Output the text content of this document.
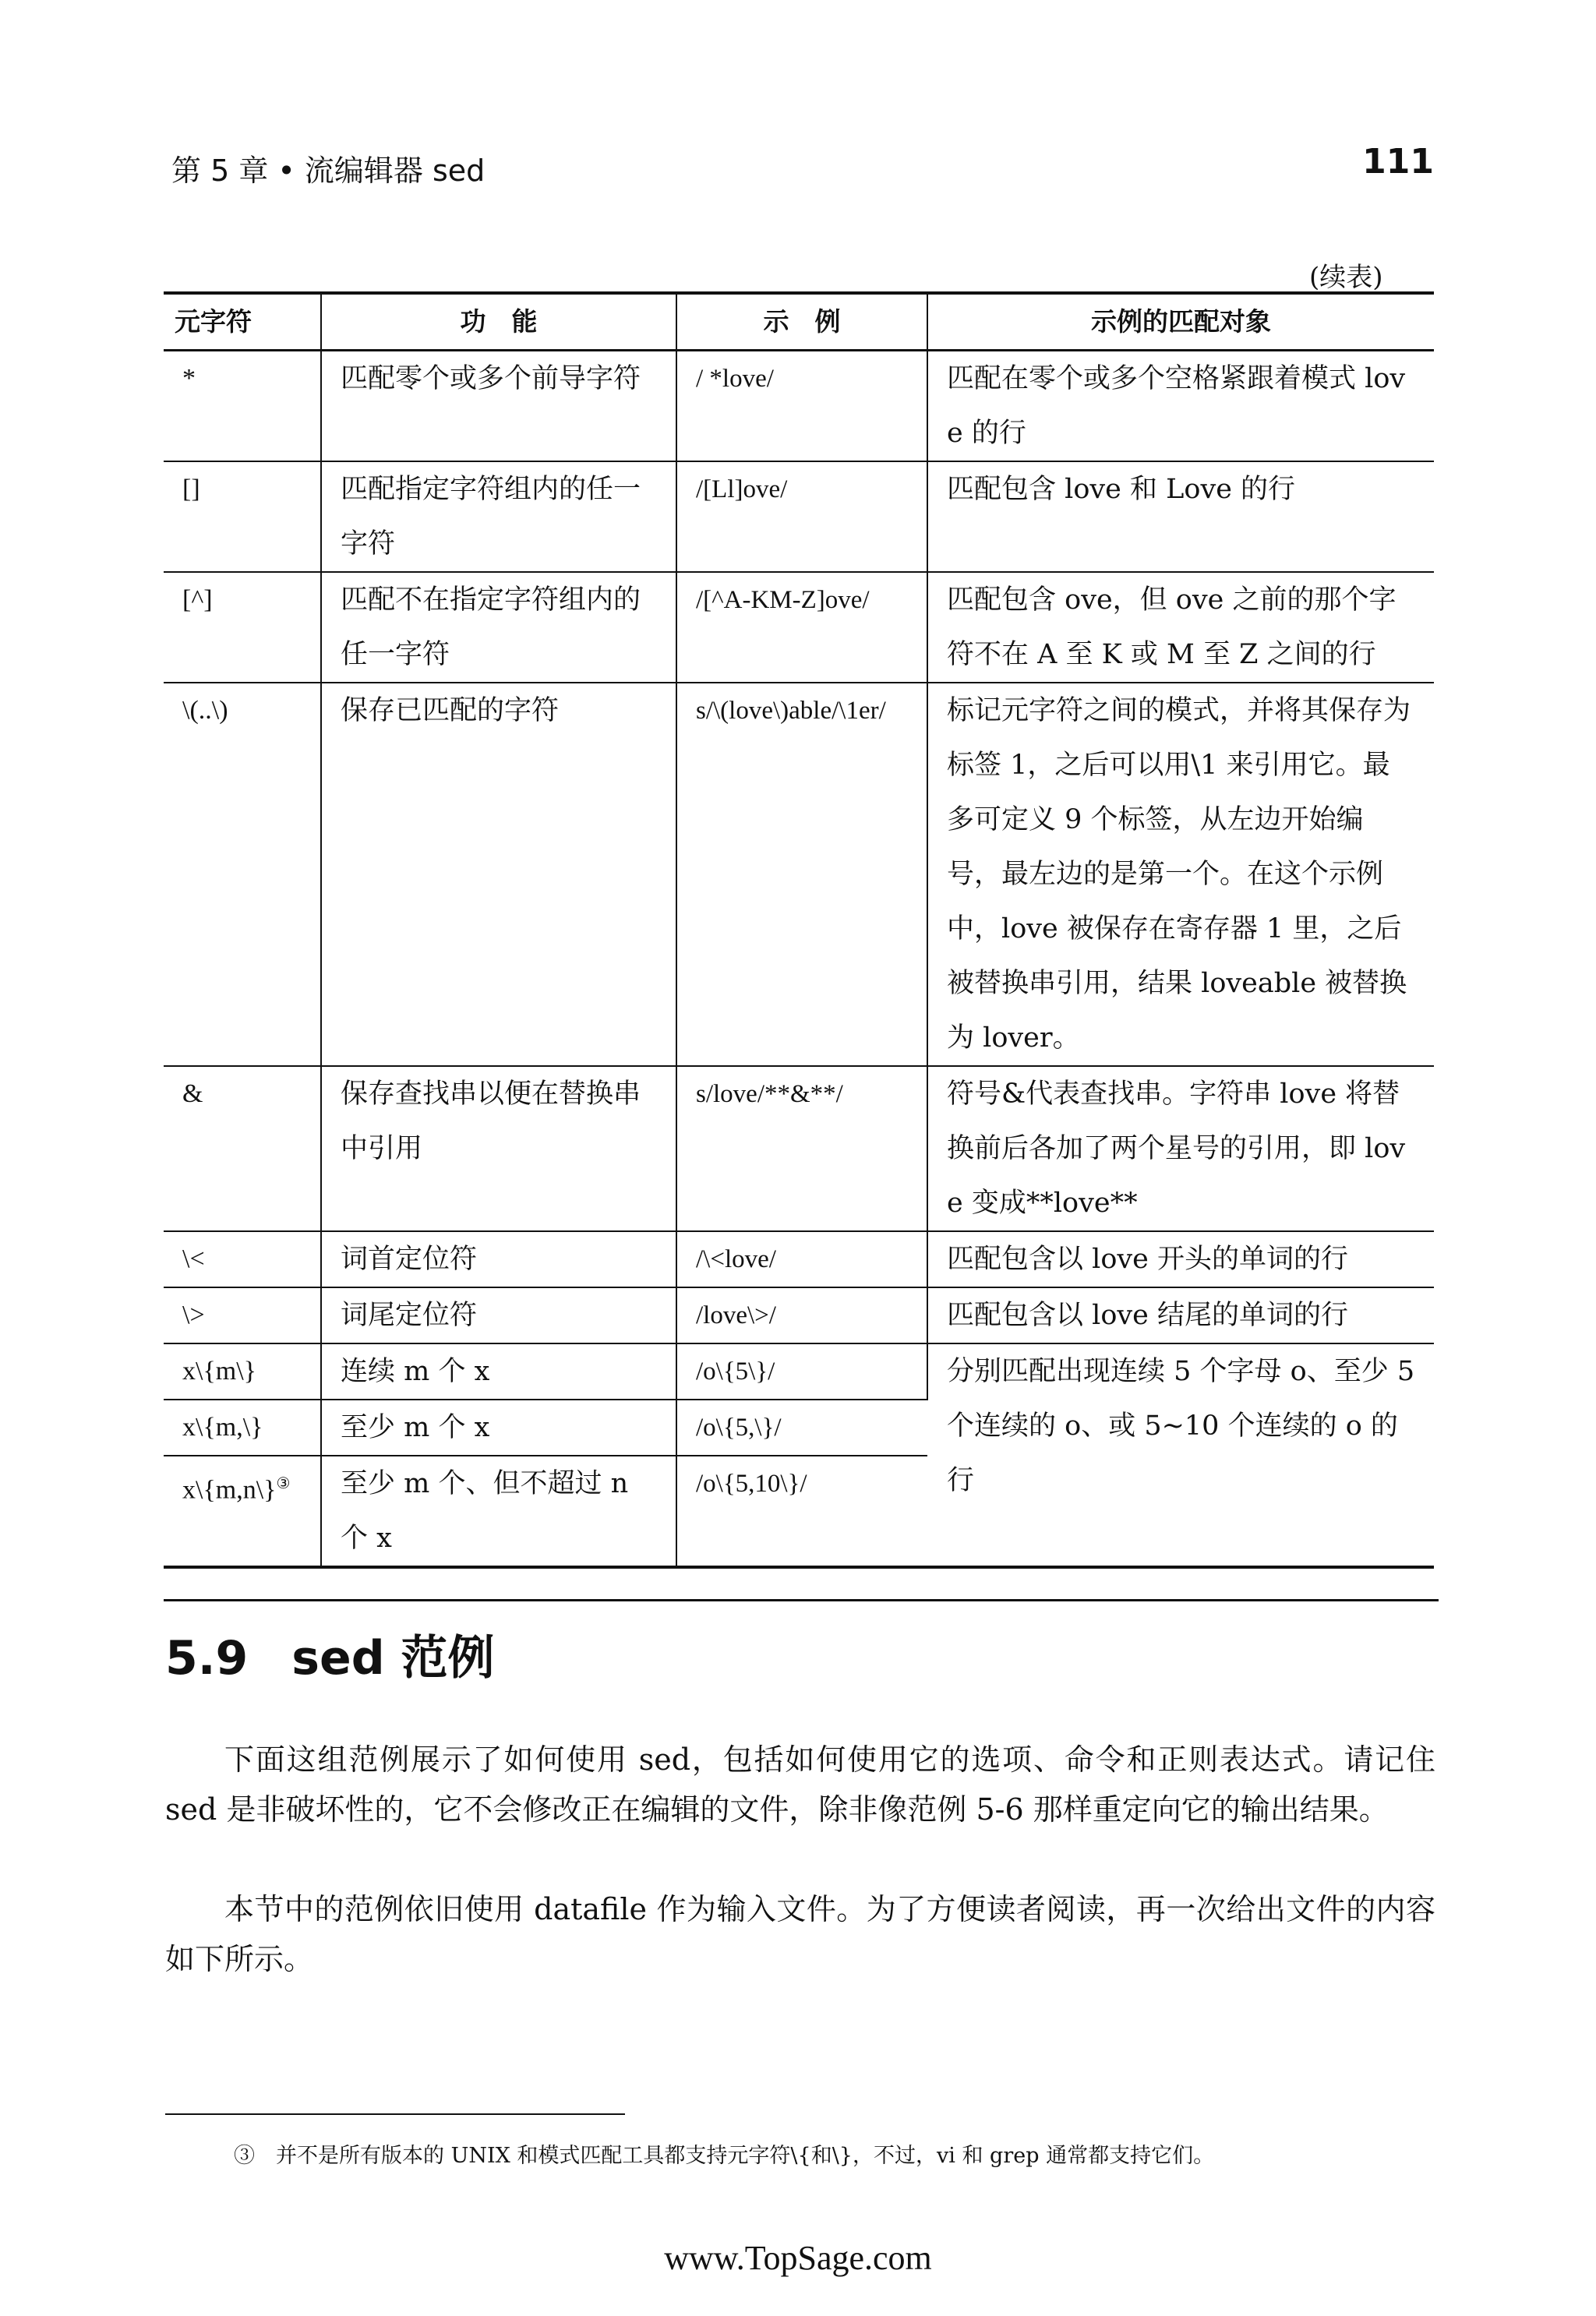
第 5 章 • 流编辑器 sed	111
(续表)
元字符	功　能	示　例	示例的匹配对象
*	匹配零个或多个前导字符	/ *love/	匹配在零个或多个空格紧跟着模式 love 的行
[]	匹配指定字符组内的任一字符	/[Ll]ove/	匹配包含 love 和 Love 的行
[^]	匹配不在指定字符组内的任一字符	/[^A-KM-Z]ove/	匹配包含 ove，但 ove 之前的那个字符不在 A 至 K 或 M 至 Z 之间的行
\(..\)	保存已匹配的字符	s/\(love\)able/\1er/	标记元字符之间的模式，并将其保存为标签 1，之后可以用\1 来引用它。最多可定义 9 个标签，从左边开始编号，最左边的是第一个。在这个示例中，love 被保存在寄存器 1 里，之后被替换串引用，结果 loveable 被替换为 lover。
&	保存查找串以便在替换串中引用	s/love/**&**/	符号&代表查找串。字符串 love 将替换前后各加了两个星号的引用，即 love 变成**love**
\<	词首定位符	/\<love/	匹配包含以 love 开头的单词的行
\>	词尾定位符	/love\>/	匹配包含以 love 结尾的单词的行
x\{m\}	连续 m 个 x	/o\{5\}/	分别匹配出现连续 5 个字母 o、至少 5 个连续的 o、或 5~10 个连续的 o 的行
x\{m,\}	至少 m 个 x	/o\{5,\}/	
x\{m,n\}③	至少 m 个、但不超过 n 个 x	/o\{5,10\}/	
5.9 sed 范例

下面这组范例展示了如何使用 sed，包括如何使用它的选项、命令和正则表达式。请记住 sed 是非破坏性的，它不会修改正在编辑的文件，除非像范例 5-6 那样重定向它的输出结果。

本节中的范例依旧使用 datafile 作为输入文件。为了方便读者阅读，再一次给出文件的内容如下所示。

③　并不是所有版本的 UNIX 和模式匹配工具都支持元字符\{和\}，不过，vi 和 grep 通常都支持它们。
www.TopSage.com
